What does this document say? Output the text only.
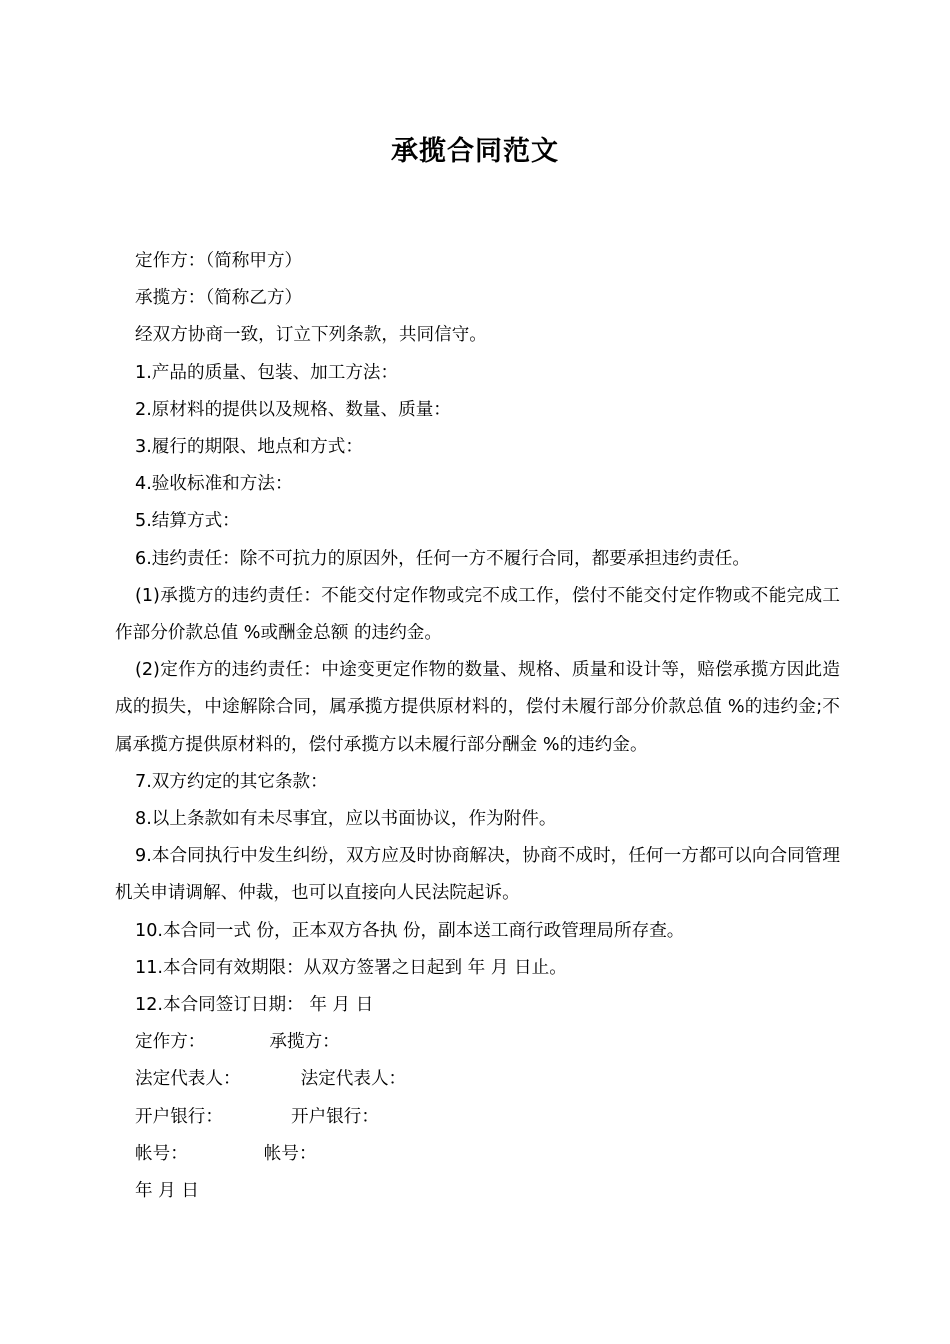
承揽合同范文

定作方：（简称甲方）

承揽方：（简称乙方）

经双方协商一致，订立下列条款，共同信守。

1.产品的质量、包装、加工方法：

2.原材料的提供以及规格、数量、质量：

3.履行的期限、地点和方式：

4.验收标准和方法：

5.结算方式：

6.违约责任：除不可抗力的原因外，任何一方不履行合同，都要承担违约责任。

(1)承揽方的违约责任：不能交付定作物或完不成工作，偿付不能交付定作物或不能完成工作部分价款总值 %或酬金总额 的违约金。

(2)定作方的违约责任：中途变更定作物的数量、规格、质量和设计等，赔偿承揽方因此造成的损失，中途解除合同，属承揽方提供原材料的，偿付未履行部分价款总值 %的违约金;不属承揽方提供原材料的，偿付承揽方以未履行部分酬金 %的违约金。

7.双方约定的其它条款：

8.以上条款如有未尽事宜，应以书面协议，作为附件。

9.本合同执行中发生纠纷，双方应及时协商解决，协商不成时，任何一方都可以向合同管理机关申请调解、仲裁，也可以直接向人民法院起诉。

10.本合同一式 份，正本双方各执 份，副本送工商行政管理局所存查。

11.本合同有效期限：从双方签署之日起到 年 月 日止。

12.本合同签订日期： 年 月 日

定作方：	承揽方：

法定代表人：	法定代表人：

开户银行：	开户银行：

帐号：	帐号：

年 月 日
